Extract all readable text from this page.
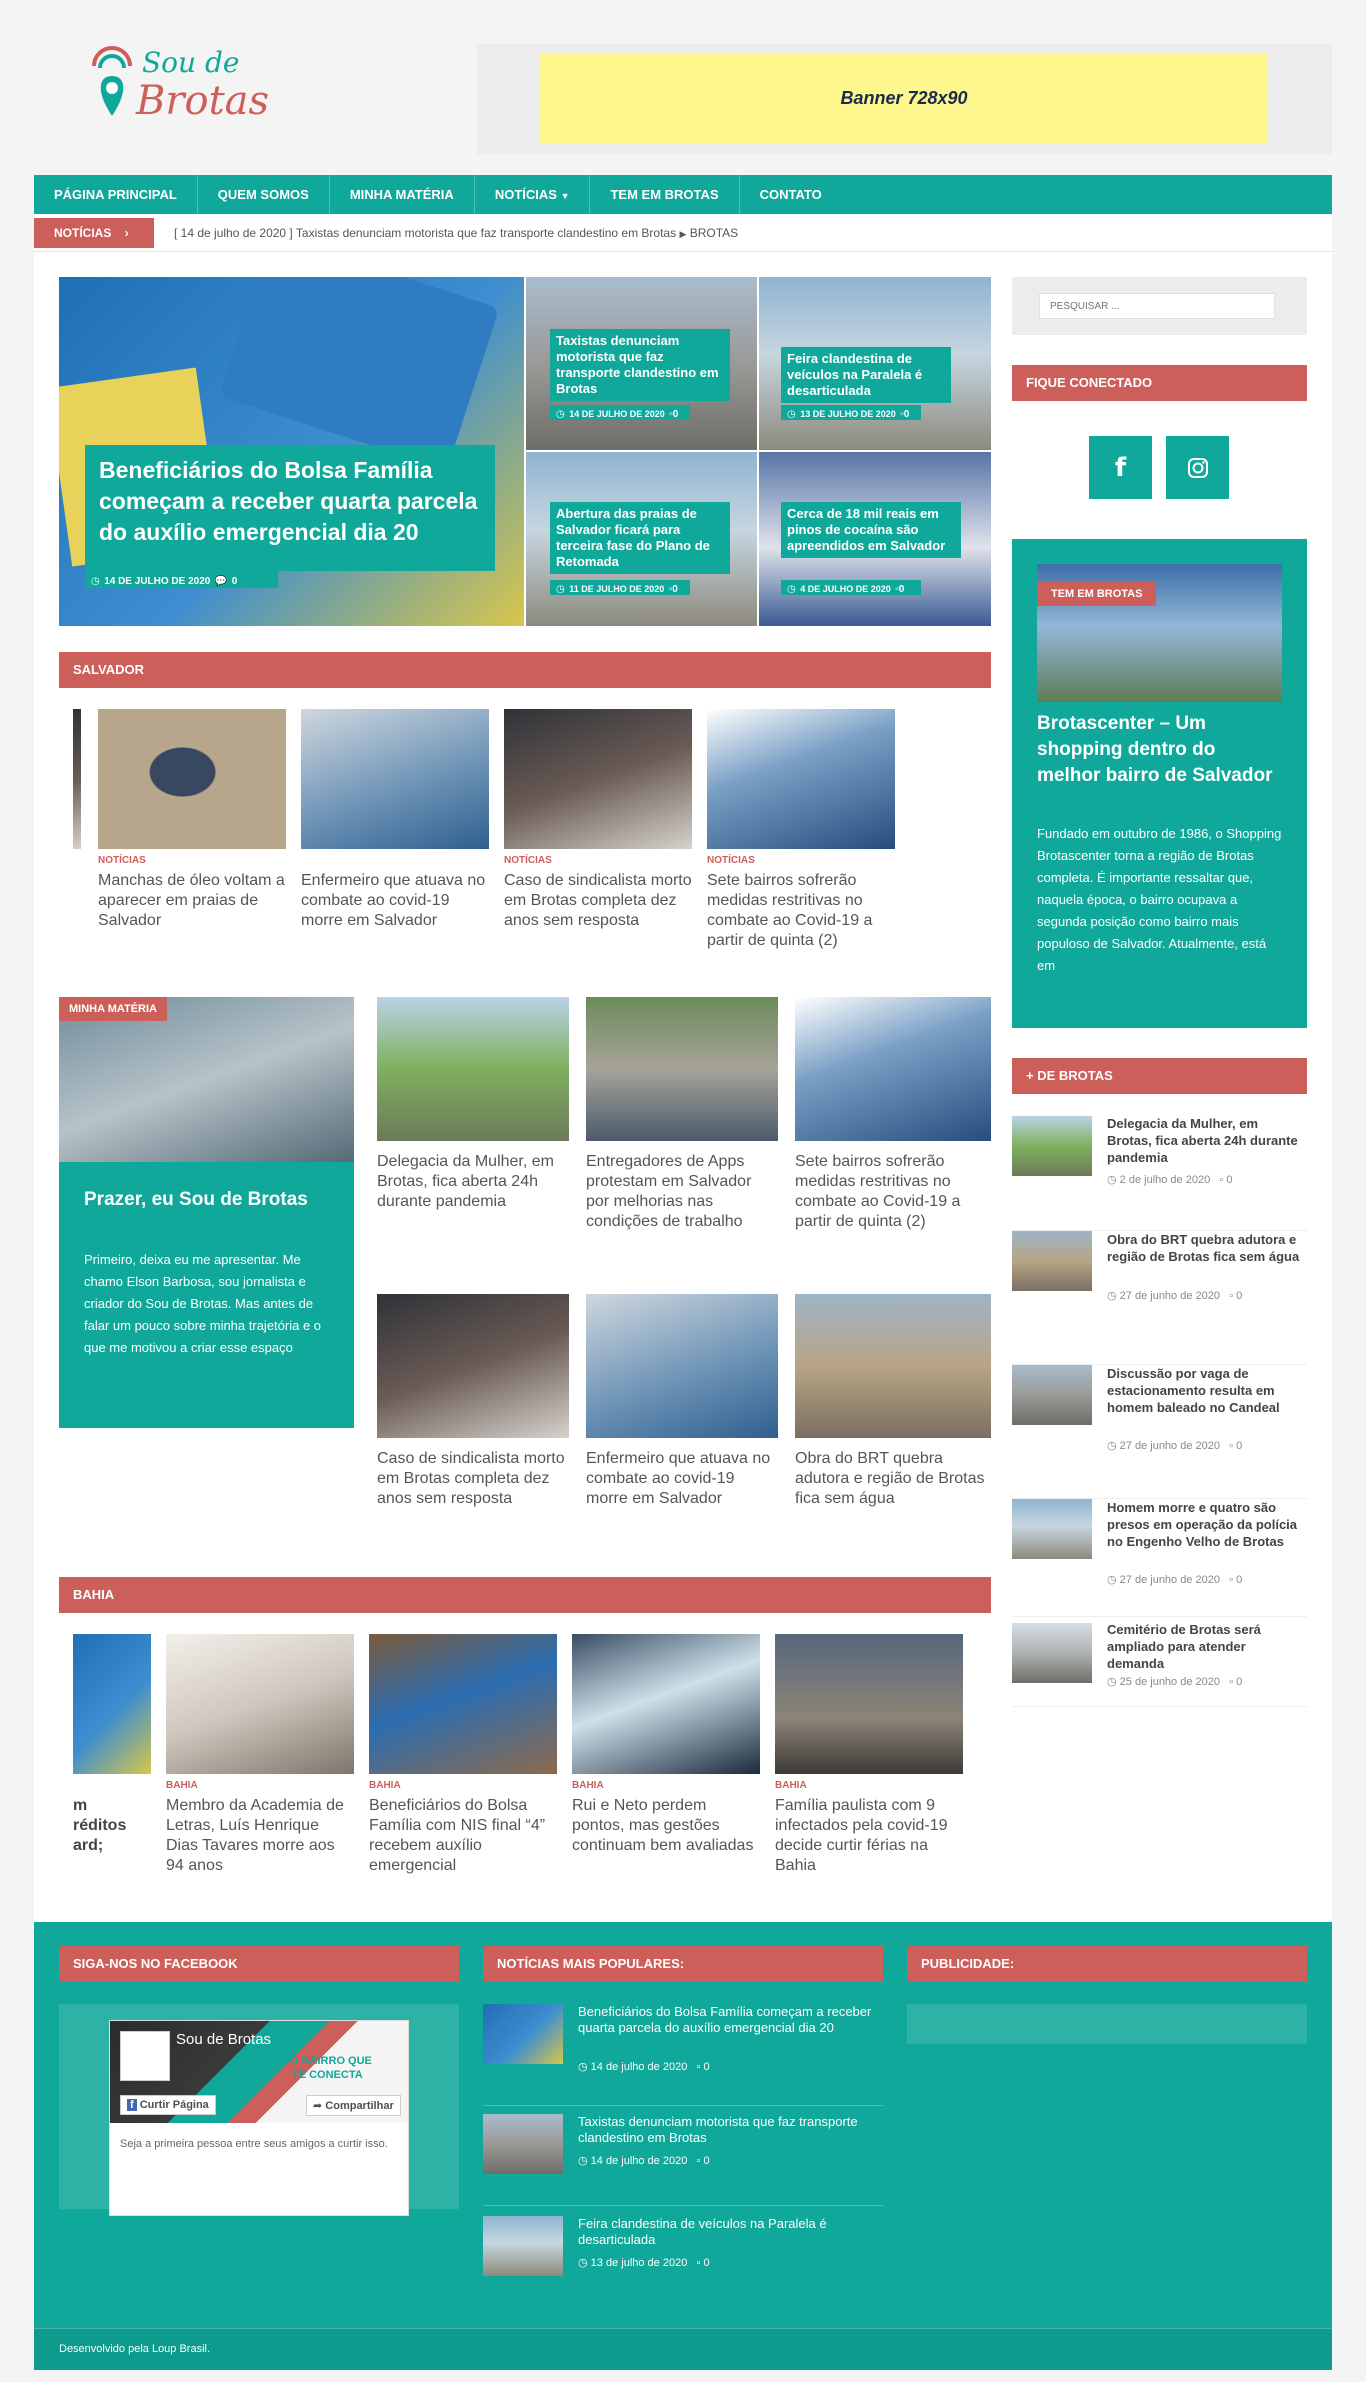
Sou de
Brotas	Banner 728x90
PÁGINA PRINCIPAL	QUEM SOMOS	MINHA MATÉRIA	NOTÍCIAS ▼	TEM EM BROTAS	CONTATO
NOTÍCIAS ›	[ 14 de julho de 2020 ] Taxistas denunciam motorista que faz transporte clandestino em Brotas ▶ BROTAS
Beneficiários do Bolsa Família começam a receber quarta parcela do auxílio emergencial dia 20
◷ 14 DE JULHO DE 2020 💬 0
Taxistas denunciam motorista que faz transporte clandestino em Brotas
◷ 14 DE JULHO DE 2020 ▫0
Feira clandestina de veículos na Paralela é desarticulada
◷ 13 DE JULHO DE 2020 ▫0
Abertura das praias de Salvador ficará para terceira fase do Plano de Retomada
◷ 11 DE JULHO DE 2020 ▫0
Cerca de 18 mil reais em pinos de cocaína são apreendidos em Salvador
◷ 4 DE JULHO DE 2020 ▫0
SALVADOR
NOTÍCIAS
Manchas de óleo voltam a aparecer em praias de Salvador
Enfermeiro que atuava no combate ao covid-19 morre em Salvador
NOTÍCIAS
Caso de sindicalista morto em Brotas completa dez anos sem resposta
NOTÍCIAS
Sete bairros sofrerão medidas restritivas no combate ao Covid-19 a partir de quinta (2)
MINHA MATÉRIA
Prazer, eu Sou de Brotas
Primeiro, deixa eu me apresentar. Me chamo Elson Barbosa, sou jornalista e criador do Sou de Brotas. Mas antes de falar um pouco sobre minha trajetória e o que me motivou a criar esse espaço
Delegacia da Mulher, em Brotas, fica aberta 24h durante pandemia
Entregadores de Apps protestam em Salvador por melhorias nas condições de trabalho
Sete bairros sofrerão medidas restritivas no combate ao Covid-19 a partir de quinta (2)
Caso de sindicalista morto em Brotas completa dez anos sem resposta
Enfermeiro que atuava no combate ao covid-19 morre em Salvador
Obra do BRT quebra adutora e região de Brotas fica sem água
BAHIA
m
réditos
ard;
BAHIA
Membro da Academia de Letras, Luís Henrique Dias Tavares morre aos 94 anos
BAHIA
Beneficiários do Bolsa Família com NIS final “4” recebem auxílio emergencial
BAHIA
Rui e Neto perdem pontos, mas gestões continuam bem avaliadas
BAHIA
Família paulista com 9 infectados pela covid-19 decide curtir férias na Bahia
PESQUISAR ...
FIQUE CONECTADO
f
TEM EM BROTAS
Brotascenter – Um shopping dentro do melhor bairro de Salvador
Fundado em outubro de 1986, o Shopping Brotascenter torna a região de Brotas completa. É importante ressaltar que, naquela época, o bairro ocupava a segunda posição como bairro mais populoso de Salvador. Atualmente, está em
+ DE BROTAS
Delegacia da Mulher, em Brotas, fica aberta 24h durante pandemia
◷ 2 de julho de 2020 ▫ 0
Obra do BRT quebra adutora e região de Brotas fica sem água
◷ 27 de junho de 2020 ▫ 0
Discussão por vaga de estacionamento resulta em homem baleado no Candeal
◷ 27 de junho de 2020 ▫ 0
Homem morre e quatro são presos em operação da polícia no Engenho Velho de Brotas
◷ 27 de junho de 2020 ▫ 0
Cemitério de Brotas será ampliado para atender demanda
◷ 25 de junho de 2020 ▫ 0
SIGA-NOS NO FACEBOOK
Sou de Brotas
O BAIRRO QUE
TE CONECTA
f Curtir Página	➦ Compartilhar
Seja a primeira pessoa entre seus amigos a curtir isso.
NOTÍCIAS MAIS POPULARES:
Beneficiários do Bolsa Família começam a receber quarta parcela do auxílio emergencial dia 20
◷ 14 de julho de 2020 ▫ 0
Taxistas denunciam motorista que faz transporte clandestino em Brotas
◷ 14 de julho de 2020 ▫ 0
Feira clandestina de veículos na Paralela é desarticulada
◷ 13 de julho de 2020 ▫ 0
PUBLICIDADE:
Desenvolvido pela Loup Brasil.
